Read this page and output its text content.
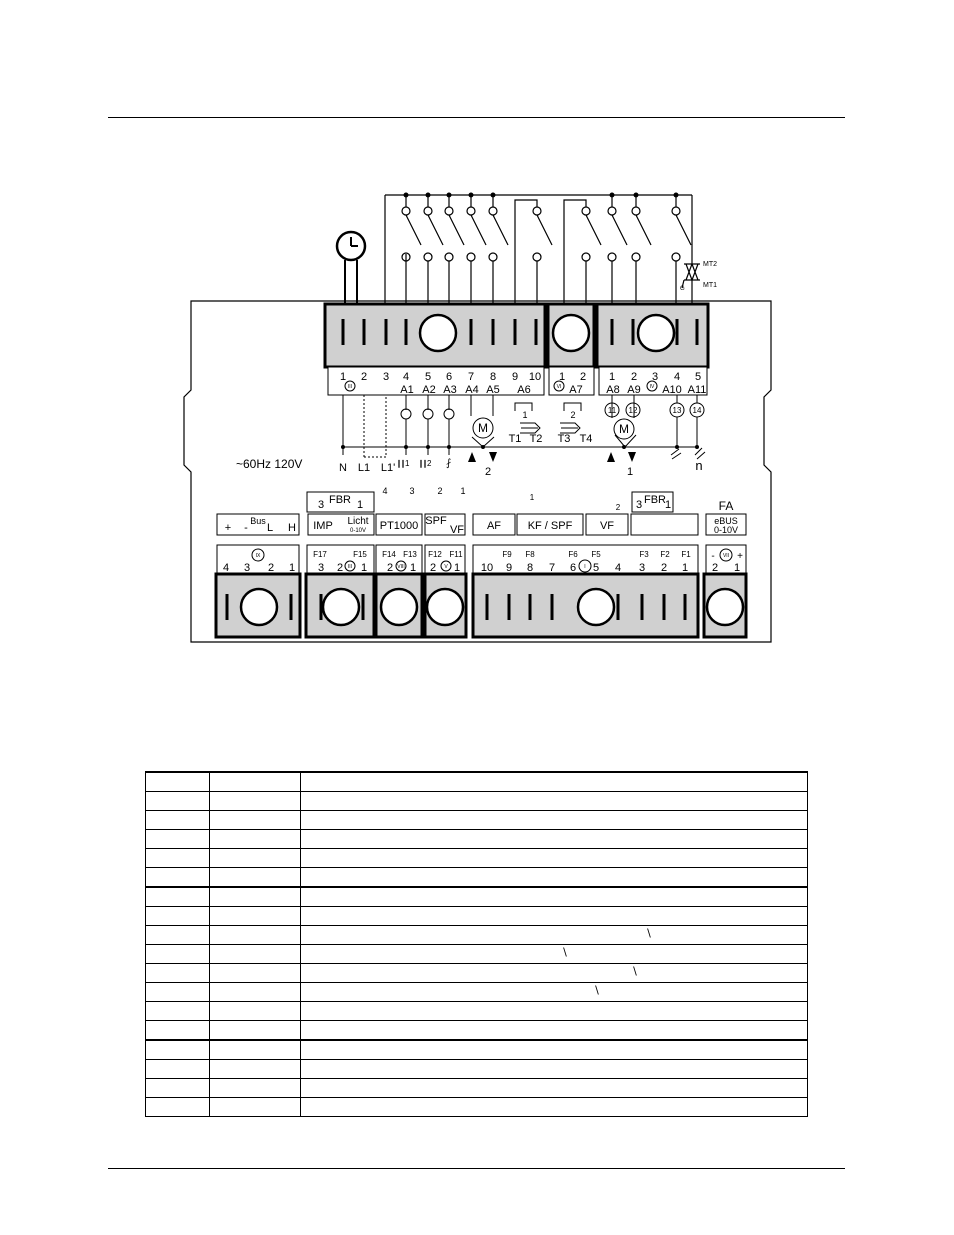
MT2
MT1
G
1 2 3 4 5 6 7 8 9 10
A1 A2 A3 A4 A5 A6
III
1 2
A7
VI
1 2 3 4 5
A8 A9 A10 A11
IV
M	M
1	2
T1 T2 T3 T4
11 12	13 14
2	1	n
N L1 L1'
~60Hz 120V	⨏
∥∥1 ∥∥2
Bus
+ - L H
FBR
3	1
IMP Licht
0-10V PT1000 SPF
VF AF KF / SPF	VF
FBR
3 1	FA
eBUS
0-10V
4 3	2 1
1
2
- +
F17	F15 F14 F13 F12 F11	F9 F8	F6 F5	F3 F2 F1
4 3 2 1 3 2 1 2 1 2 1 10 9 8 7 6 5 4 3 2 1 2 1
IX
III	VIII	V	I
VII

		∖

		∖

		∖

		∖
